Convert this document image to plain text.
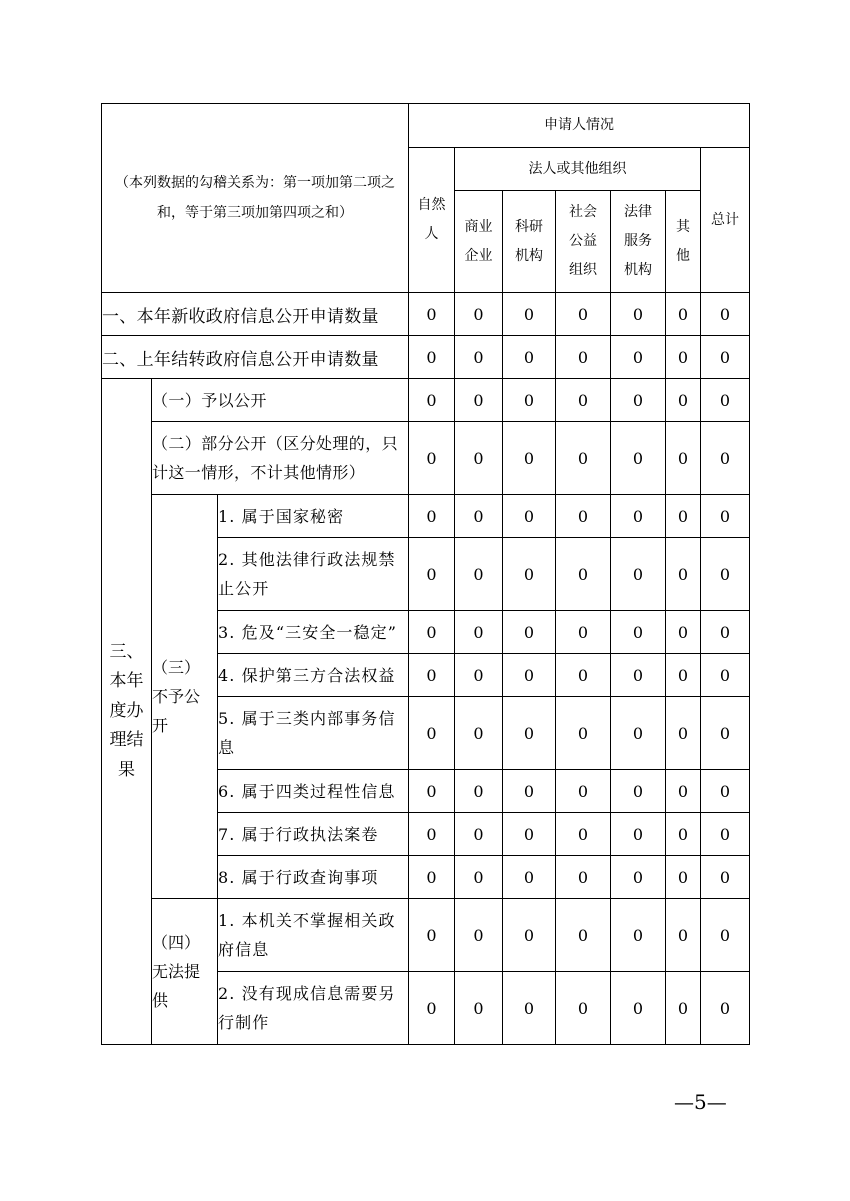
（本列数据的勾稽关系为：第一项加第二项之和，等于第三项加第四项之和）			申请人情况						

			自然人	法人或其他组织					总计

				商业企业	科研机构	社会公益组织	法律服务机构	其他	

一、本年新收政府信息公开申请数量			0	0	0	0	0	0	0
二、上年结转政府信息公开申请数量			0	0	0	0	0	0	0

三、本年度办理结果	（一）予以公开		0	0	0	0	0	0	0
	（二）部分公开（区分处理的，只计这一情形，不计其他情形）		0	0	0	0	0	0	0

	（三）不予公开	1. 属于国家秘密	0	0	0	0	0	0	0
		2. 其他法律行政法规禁止公开	0	0	0	0	0	0	0
		3. 危及“三安全一稳定”	0	0	0	0	0	0	0
		4. 保护第三方合法权益	0	0	0	0	0	0	0
		5. 属于三类内部事务信息	0	0	0	0	0	0	0
		6. 属于四类过程性信息	0	0	0	0	0	0	0
		7. 属于行政执法案卷	0	0	0	0	0	0	0
		8. 属于行政查询事项	0	0	0	0	0	0	0

	（四）无法提供	1. 本机关不掌握相关政府信息	0	0	0	0	0	0	0
		2. 没有现成信息需要另行制作	0	0	0	0	0	0	0
—5—
